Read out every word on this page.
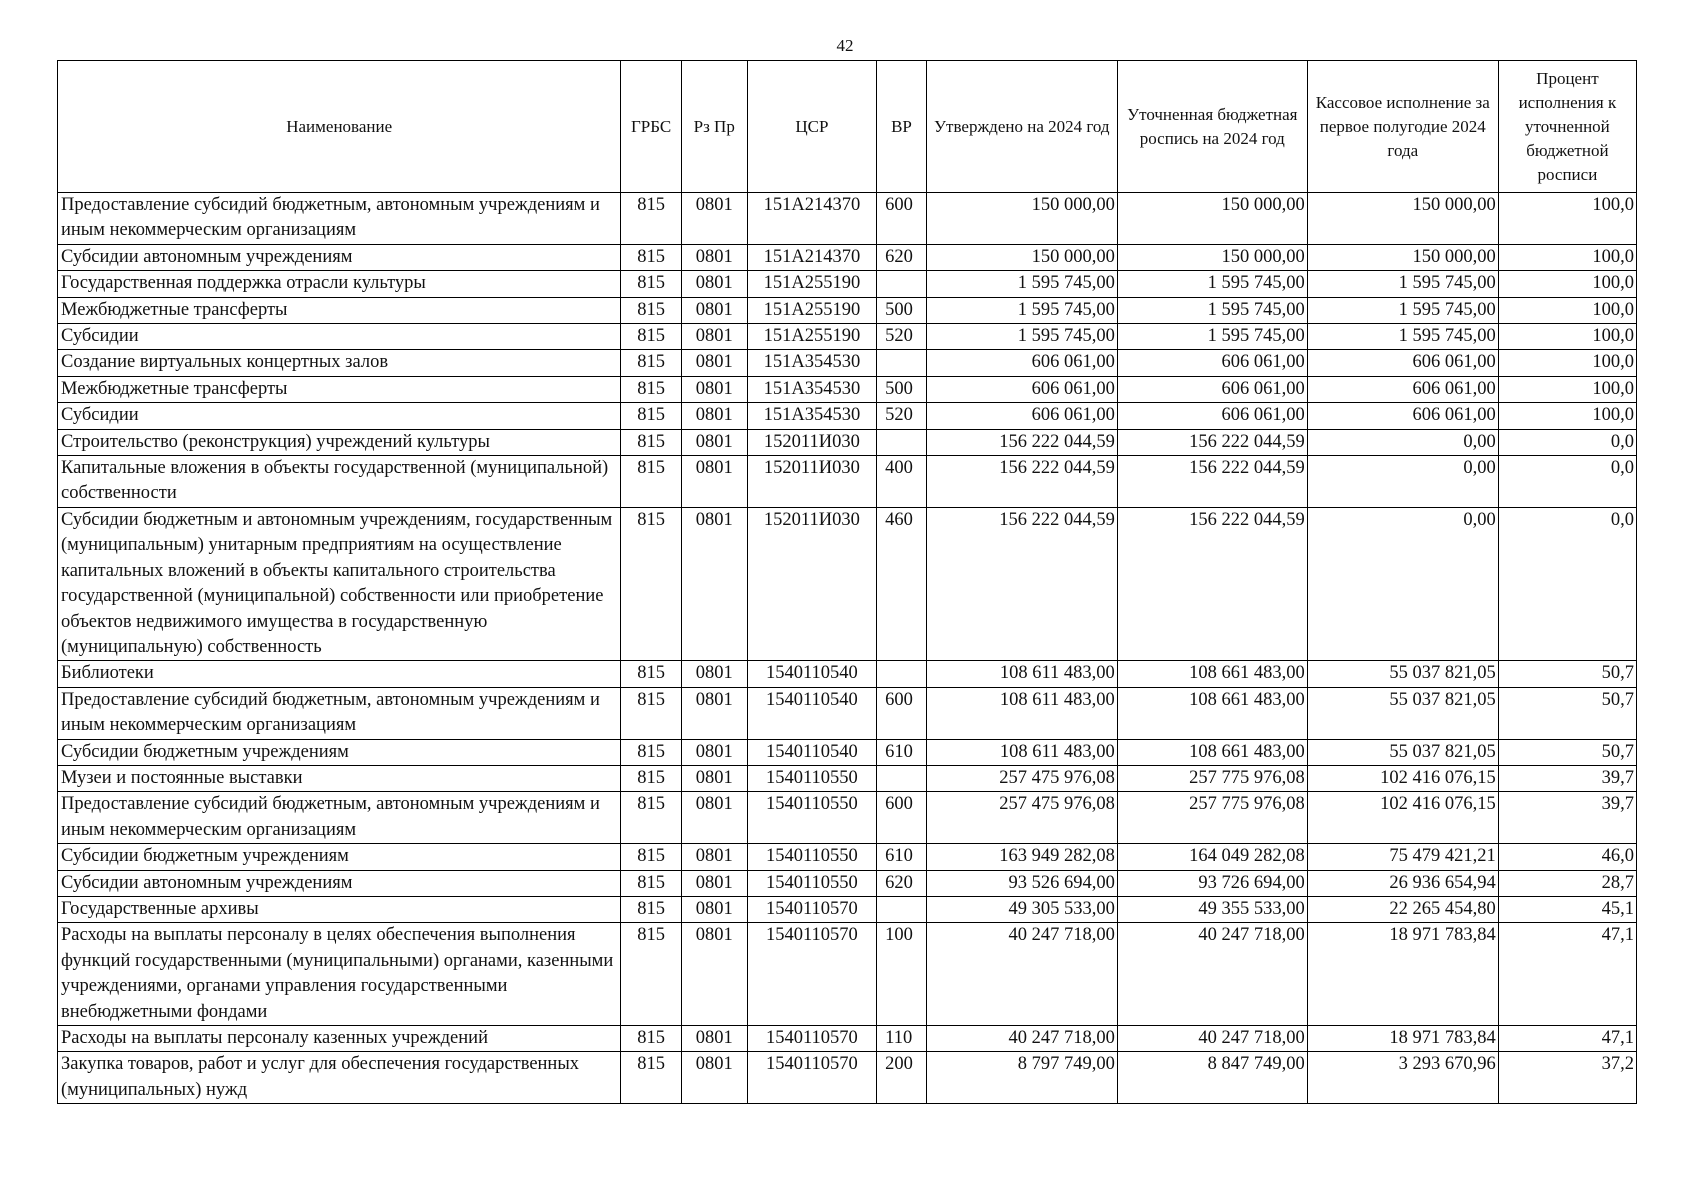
42
Наименование	ГРБС	Рз Пр	ЦСР	ВР	Утверждено на 2024 год	Уточненная бюджетная роспись на 2024 год	Кассовое исполнение за первое полугодие 2024 года	Процент исполнения к уточненной бюджетной росписи
Предоставление субсидий бюджетным, автономным учреждениям и иным некоммерческим организациям	815	0801	151A214370	600	150 000,00	150 000,00	150 000,00	100,0
Субсидии автономным учреждениям	815	0801	151A214370	620	150 000,00	150 000,00	150 000,00	100,0
Государственная поддержка отрасли культуры	815	0801	151A255190		1 595 745,00	1 595 745,00	1 595 745,00	100,0
Межбюджетные трансферты	815	0801	151A255190	500	1 595 745,00	1 595 745,00	1 595 745,00	100,0
Субсидии	815	0801	151A255190	520	1 595 745,00	1 595 745,00	1 595 745,00	100,0
Создание виртуальных концертных залов	815	0801	151A354530		606 061,00	606 061,00	606 061,00	100,0
Межбюджетные трансферты	815	0801	151A354530	500	606 061,00	606 061,00	606 061,00	100,0
Субсидии	815	0801	151A354530	520	606 061,00	606 061,00	606 061,00	100,0
Строительство (реконструкция) учреждений культуры	815	0801	152011И030		156 222 044,59	156 222 044,59	0,00	0,0
Капитальные вложения в объекты государственной (муниципальной) собственности	815	0801	152011И030	400	156 222 044,59	156 222 044,59	0,00	0,0
Субсидии бюджетным и автономным учреждениям, государственным (муниципальным) унитарным предприятиям на осуществление капитальных вложений в объекты капитального строительства государственной (муниципальной) собственности или приобретение объектов недвижимого имущества в государственную (муниципальную) собственность	815	0801	152011И030	460	156 222 044,59	156 222 044,59	0,00	0,0
Библиотеки	815	0801	1540110540		108 611 483,00	108 661 483,00	55 037 821,05	50,7
Предоставление субсидий бюджетным, автономным учреждениям и иным некоммерческим организациям	815	0801	1540110540	600	108 611 483,00	108 661 483,00	55 037 821,05	50,7
Субсидии бюджетным учреждениям	815	0801	1540110540	610	108 611 483,00	108 661 483,00	55 037 821,05	50,7
Музеи и постоянные выставки	815	0801	1540110550		257 475 976,08	257 775 976,08	102 416 076,15	39,7
Предоставление субсидий бюджетным, автономным учреждениям и иным некоммерческим организациям	815	0801	1540110550	600	257 475 976,08	257 775 976,08	102 416 076,15	39,7
Субсидии бюджетным учреждениям	815	0801	1540110550	610	163 949 282,08	164 049 282,08	75 479 421,21	46,0
Субсидии автономным учреждениям	815	0801	1540110550	620	93 526 694,00	93 726 694,00	26 936 654,94	28,7
Государственные архивы	815	0801	1540110570		49 305 533,00	49 355 533,00	22 265 454,80	45,1
Расходы на выплаты персоналу в целях обеспечения выполнения функций государственными (муниципальными) органами, казенными учреждениями, органами управления государственными внебюджетными фондами	815	0801	1540110570	100	40 247 718,00	40 247 718,00	18 971 783,84	47,1
Расходы на выплаты персоналу казенных учреждений	815	0801	1540110570	110	40 247 718,00	40 247 718,00	18 971 783,84	47,1
Закупка товаров, работ и услуг для обеспечения государственных (муниципальных) нужд	815	0801	1540110570	200	8 797 749,00	8 847 749,00	3 293 670,96	37,2
